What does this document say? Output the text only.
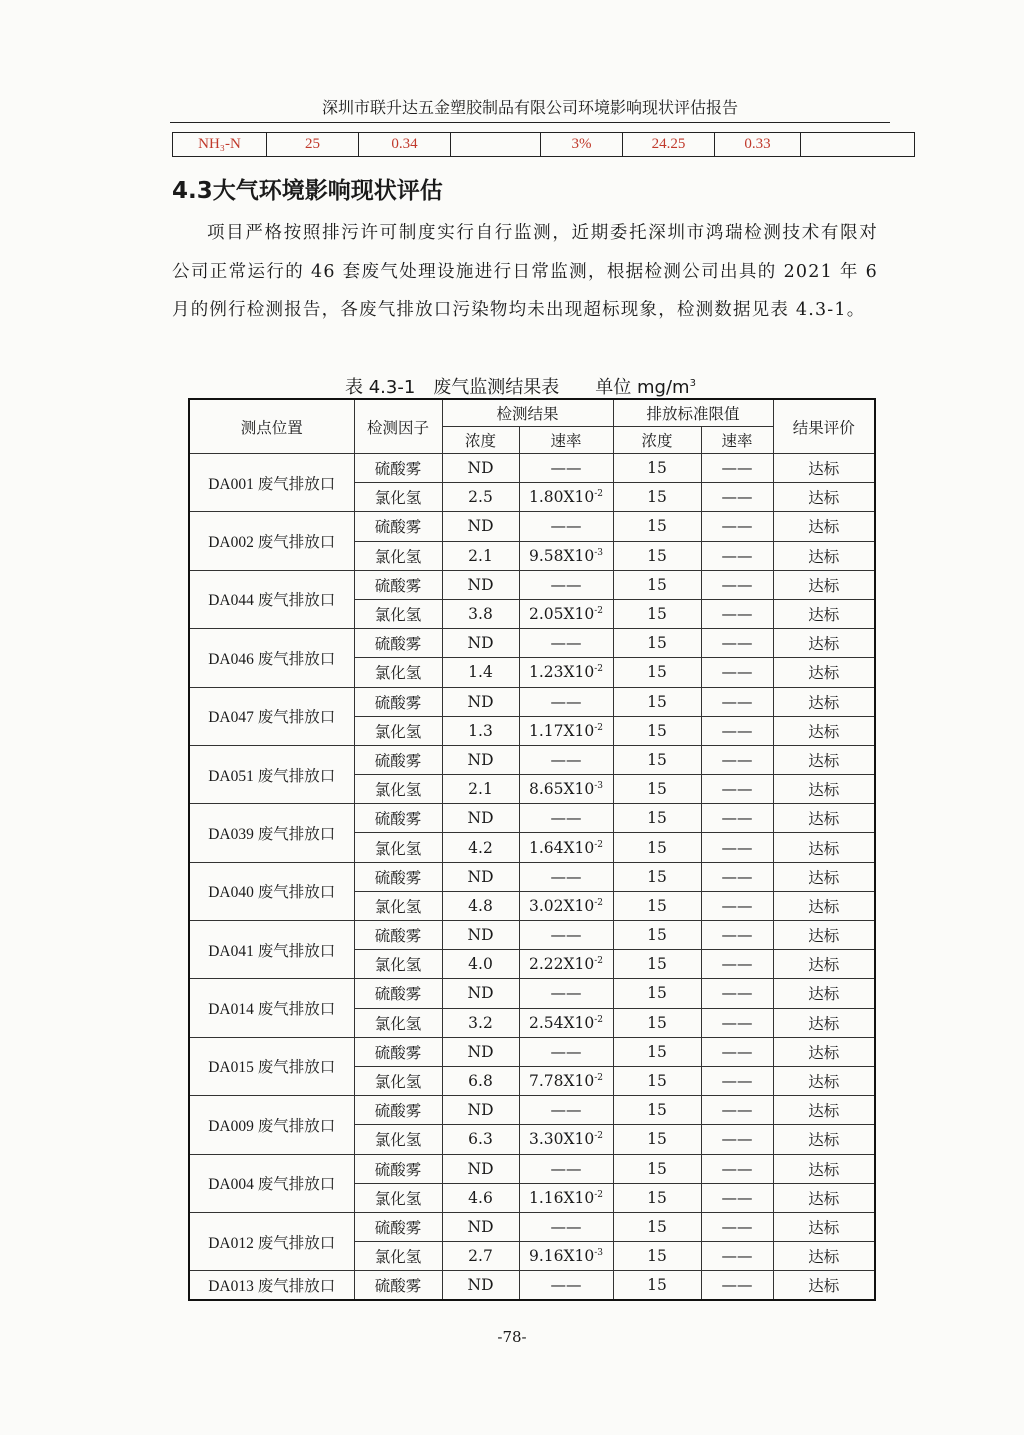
深圳市联升达五金塑胶制品有限公司环境影响现状评估报告
NH₃-N	25	0.34		3%	24.25	0.33	
4.3大气环境影响现状评估
项目严格按照排污许可制度实行自行监测，近期委托深圳市鸿瑞检测技术有限对公司正常运行的 46 套废气处理设施进行日常监测，根据检测公司出具的 2021 年 6 月的例行检测报告，各废气排放口污染物均未出现超标现象，检测数据见表 4.3-1。
表 4.3-1　废气监测结果表　　单位 $mg/m^3$
测点位置	检测因子	检测结果		排放标准限值		结果评价
		浓度	速率	浓度	速率	
DA001 废气排放口	硫酸雾	ND	——	15	——	达标
	氯化氢	2.5	$1.80X10^{-2}$	15	——	达标
DA002 废气排放口	硫酸雾	ND	——	15	——	达标
	氯化氢	2.1	$9.58X10^{-3}$	15	——	达标
DA044 废气排放口	硫酸雾	ND	——	15	——	达标
	氯化氢	3.8	$2.05X10^{-2}$	15	——	达标
DA046 废气排放口	硫酸雾	ND	——	15	——	达标
	氯化氢	1.4	$1.23X10^{-2}$	15	——	达标
DA047 废气排放口	硫酸雾	ND	——	15	——	达标
	氯化氢	1.3	$1.17X10^{-2}$	15	——	达标
DA051 废气排放口	硫酸雾	ND	——	15	——	达标
	氯化氢	2.1	$8.65X10^{-3}$	15	——	达标
DA039 废气排放口	硫酸雾	ND	——	15	——	达标
	氯化氢	4.2	$1.64X10^{-2}$	15	——	达标
DA040 废气排放口	硫酸雾	ND	——	15	——	达标
	氯化氢	4.8	$3.02X10^{-2}$	15	——	达标
DA041 废气排放口	硫酸雾	ND	——	15	——	达标
	氯化氢	4.0	$2.22X10^{-2}$	15	——	达标
DA014 废气排放口	硫酸雾	ND	——	15	——	达标
	氯化氢	3.2	$2.54X10^{-2}$	15	——	达标
DA015 废气排放口	硫酸雾	ND	——	15	——	达标
	氯化氢	6.8	$7.78X10^{-2}$	15	——	达标
DA009 废气排放口	硫酸雾	ND	——	15	——	达标
	氯化氢	6.3	$3.30X10^{-2}$	15	——	达标
DA004 废气排放口	硫酸雾	ND	——	15	——	达标
	氯化氢	4.6	$1.16X10^{-2}$	15	——	达标
DA012 废气排放口	硫酸雾	ND	——	15	——	达标
	氯化氢	2.7	$9.16X10^{-3}$	15	——	达标
DA013 废气排放口	硫酸雾	ND	——	15	——	达标
-78-
